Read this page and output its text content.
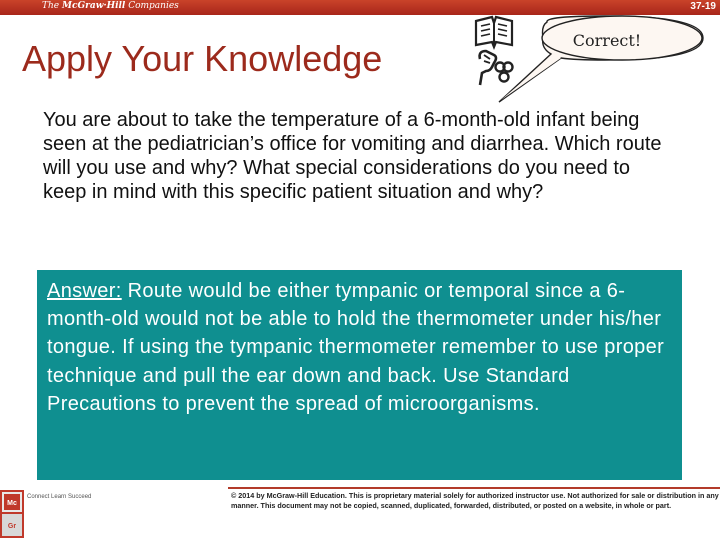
The McGraw·Hill Companies	37-19
Apply Your Knowledge	Correct!
You are about to take the temperature of a 6-month-old infant being seen at the pediatrician’s office for vomiting and diarrhea. Which route will you use and why? What special considerations do you need to keep in mind with this specific patient situation and why?
Answer: Route would be either tympanic or temporal since a 6-month-old would not be able to hold the thermometer under his/her tongue. If using the tympanic thermometer remember to use proper technique and pull the ear down and back. Use Standard Precautions to prevent the spread of microorganisms.
Mc
Gr
Connect Learn Succeed	© 2014 by McGraw-Hill Education. This is proprietary material solely for authorized instructor use. Not authorized for sale or distribution in any manner. This document may not be copied, scanned, duplicated, forwarded, distributed, or posted on a website, in whole or part.
